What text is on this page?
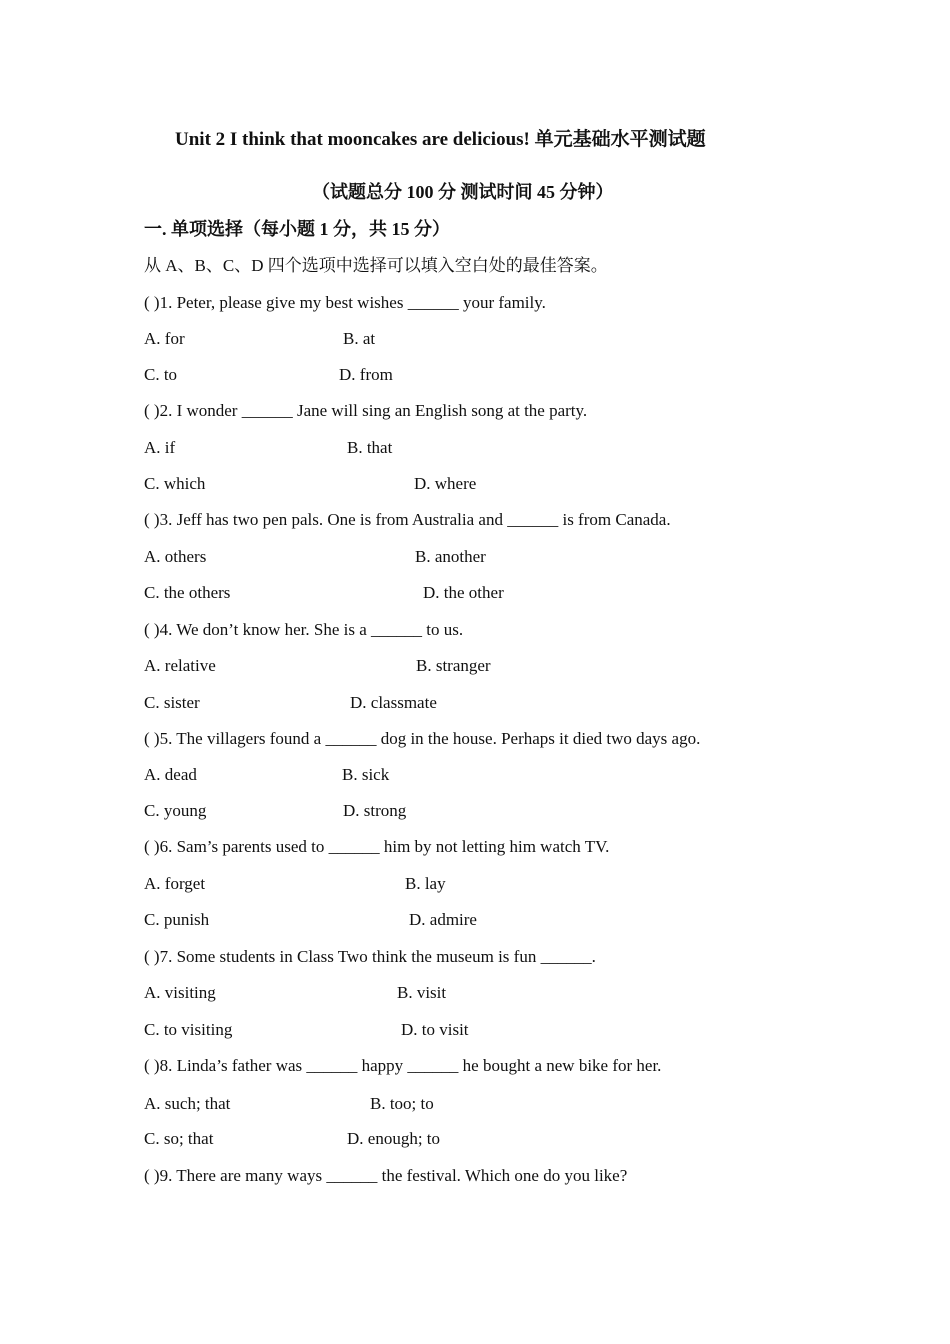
Unit 2 I think that mooncakes are delicious! 单元基础水平测试题
（试题总分 100 分 测试时间 45 分钟）
一. 单项选择（每小题 1 分，共 15 分）
从 A、B、C、D 四个选项中选择可以填入空白处的最佳答案。
( )1. Peter, please give my best wishes ______ your family.
A. for	B. at
C. to	D. from
( )2. I wonder ______ Jane will sing an English song at the party.
A. if	B. that
C. which	D. where
( )3. Jeff has two pen pals. One is from Australia and ______ is from Canada.
A. others	B. another
C. the others	D. the other
( )4. We don’t know her. She is a ______ to us.
A. relative	B. stranger
C. sister	D. classmate
( )5. The villagers found a ______ dog in the house. Perhaps it died two days ago.
A. dead	B. sick
C. young	D. strong
( )6. Sam’s parents used to ______ him by not letting him watch TV.
A. forget	B. lay
C. punish	D. admire
( )7. Some students in Class Two think the museum is fun ______.
A. visiting	B. visit
C. to visiting	D. to visit
( )8. Linda’s father was ______ happy ______ he bought a new bike for her.
A. such; that	B. too; to
C. so; that	D. enough; to
( )9. There are many ways ______ the festival. Which one do you like?
